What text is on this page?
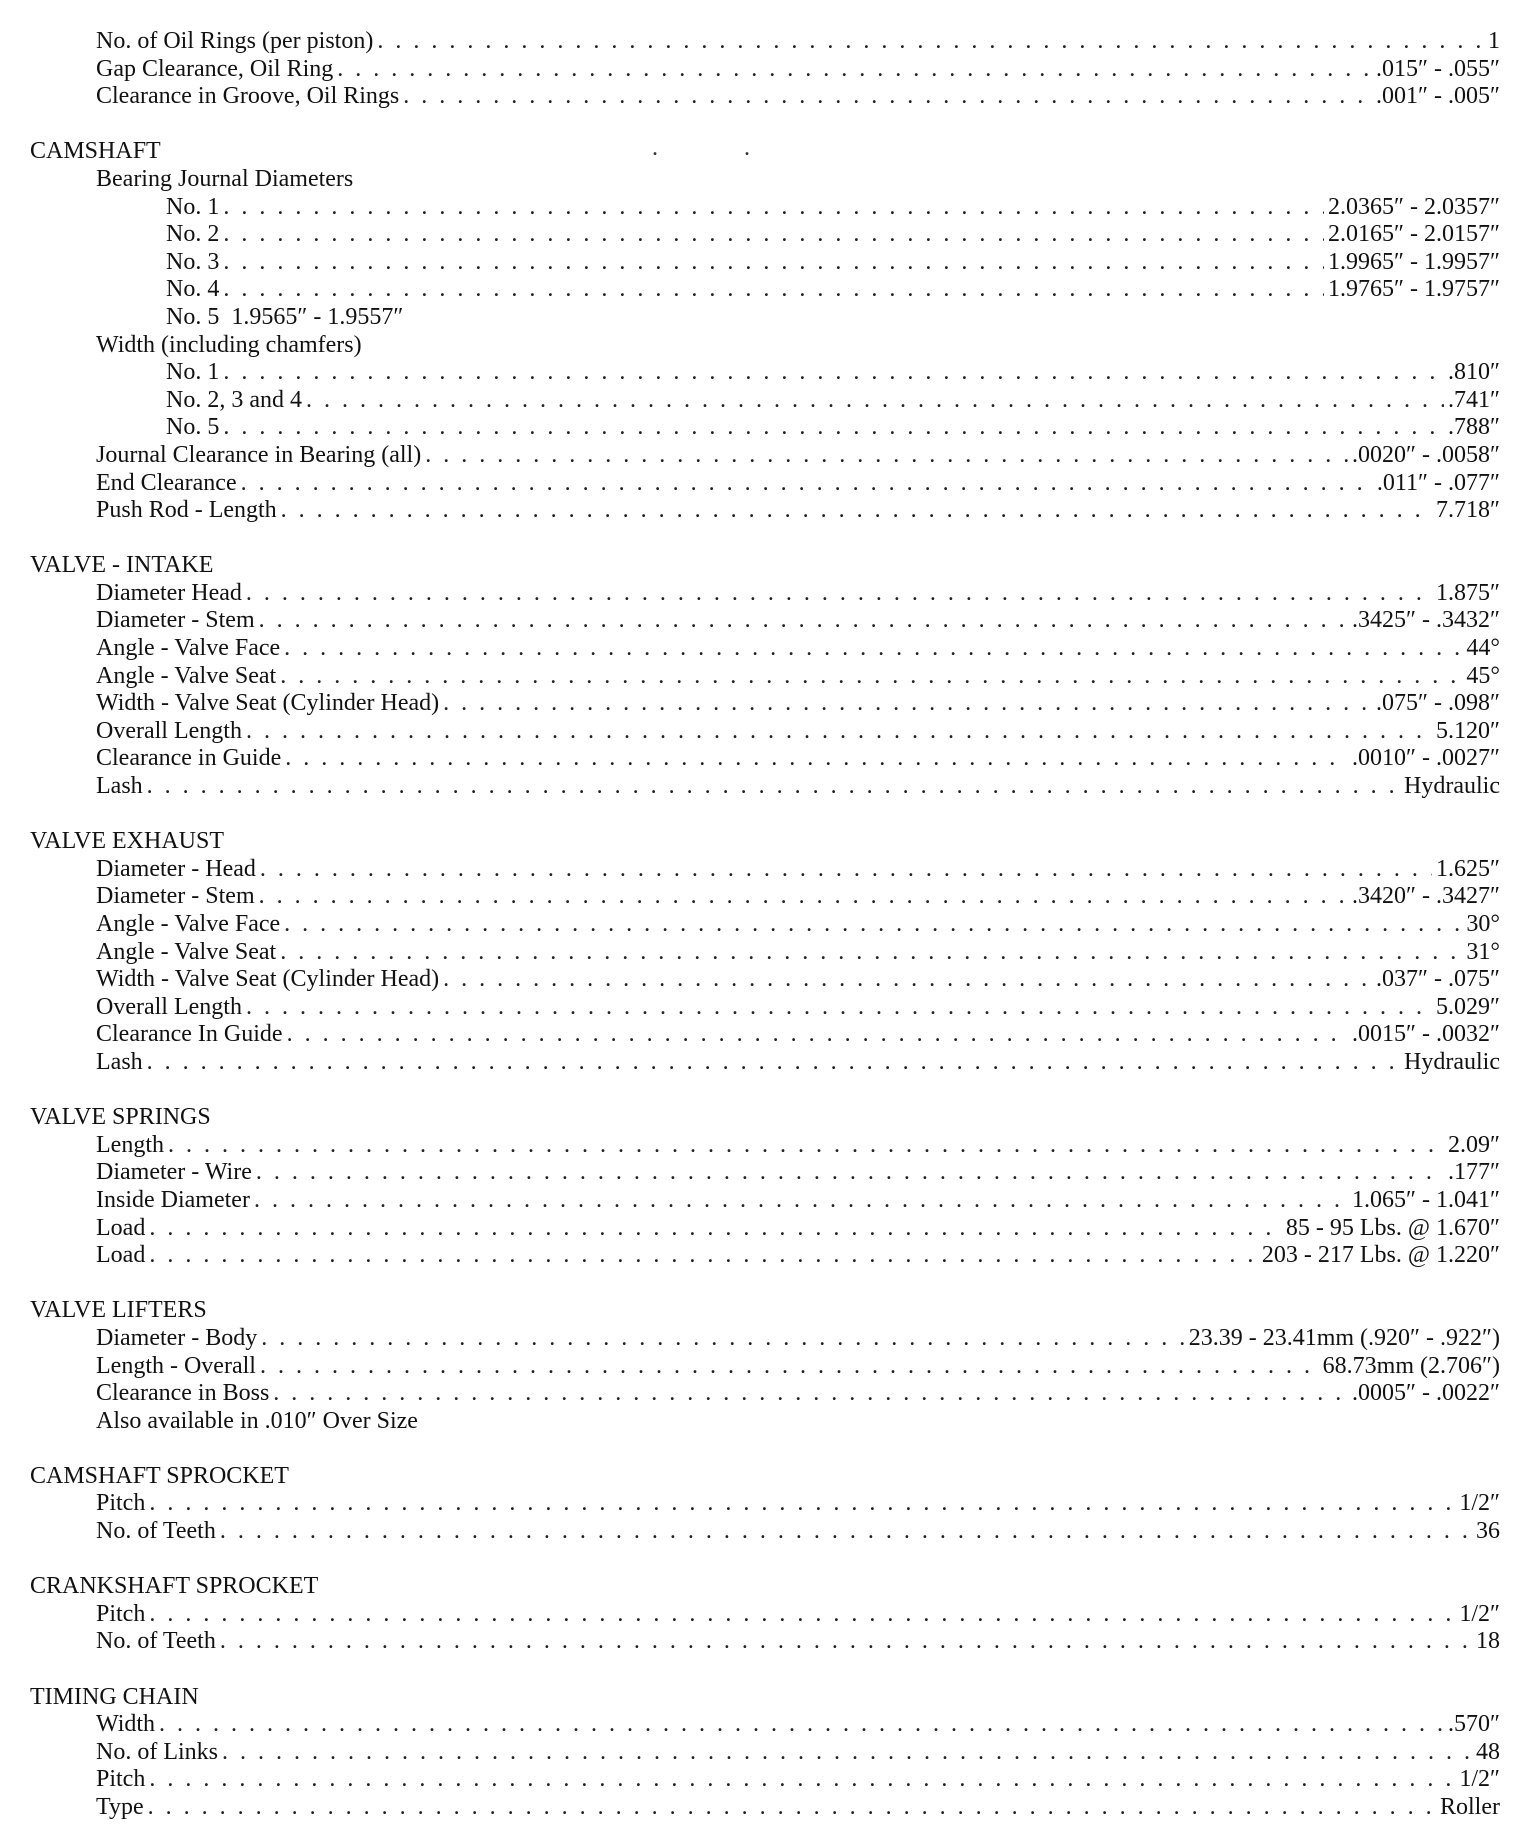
. .
No. of Oil Rings (per piston) . . .	1
Gap Clearance, Oil Ring . . .	.015″ - .055″
Clearance in Groove, Oil Rings . . .	.001″ - .005″
CAMSHAFT
Bearing Journal Diameters
No. 1 . . .	2.0365″ - 2.0357″
No. 2 . . .	2.0165″ - 2.0157″
No. 3 . . .	1.9965″ - 1.9957″
No. 4 . . .	1.9765″ - 1.9757″
No. 5 1.9565″ - 1.9557″
Width (including chamfers)
No. 1 . . .	.810″
No. 2, 3 and 4 . . .	.741″
No. 5 . . .	.788″
Journal Clearance in Bearing (all) . . .	.0020″ - .0058″
End Clearance . . .	.011″ - .077″
Push Rod - Length . . .	7.718″
VALVE - INTAKE
Diameter Head . . .	1.875″
Diameter - Stem . . .	.3425″ - .3432″
Angle - Valve Face . . .	44°
Angle - Valve Seat . . .	45°
Width - Valve Seat (Cylinder Head) . . .	.075″ - .098″
Overall Length . . .	5.120″
Clearance in Guide . . .	.0010″ - .0027″
Lash . . .	Hydraulic
VALVE EXHAUST
Diameter - Head . . .	1.625″
Diameter - Stem . . .	.3420″ - .3427″
Angle - Valve Face . . .	30°
Angle - Valve Seat . . .	31°
Width - Valve Seat (Cylinder Head) . . .	.037″ - .075″
Overall Length . . .	5.029″
Clearance In Guide . . .	.0015″ - .0032″
Lash . . .	Hydraulic
VALVE SPRINGS
Length . . .	2.09″
Diameter - Wire . . .	.177″
Inside Diameter . . .	1.065″ - 1.041″
Load . . .	85 - 95 Lbs. @ 1.670″
Load . . .	203 - 217 Lbs. @ 1.220″
VALVE LIFTERS
Diameter - Body . . .	23.39 - 23.41mm (.920″ - .922″)
Length - Overall . . .	68.73mm (2.706″)
Clearance in Boss . . .	.0005″ - .0022″
Also available in .010″ Over Size
CAMSHAFT SPROCKET
Pitch . . .	1/2″
No. of Teeth . . .	36
CRANKSHAFT SPROCKET
Pitch . . .	1/2″
No. of Teeth . . .	18
TIMING CHAIN
Width . . .	.570″
No. of Links . . .	48
Pitch . . .	1/2″
Type . . .	Roller
